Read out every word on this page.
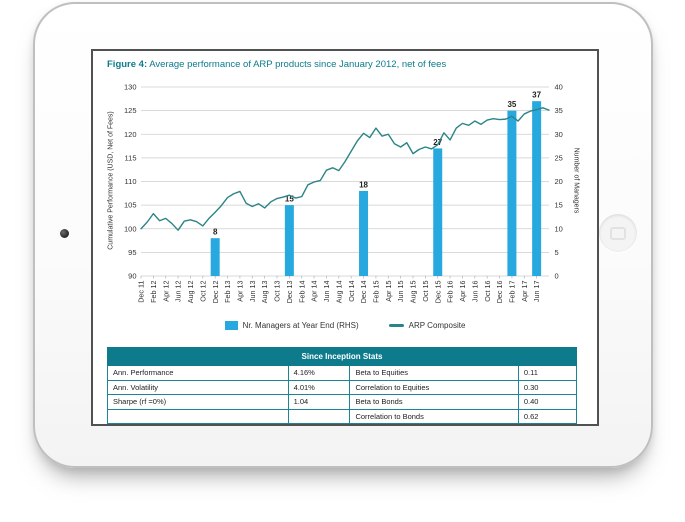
Figure 4: Average performance of ARP products since January 2012, net of fees
130	40
125	35
120	30
115	25
110	20
105	15
100	10
95	5
90	0
Dec 11 Feb 12 Apr 12 Jun 12 Aug 12 Oct 12 Dec 12 Feb 13 Apr 13 Jun 13 Aug 13 Oct 13 Dec 13 Feb 14 Apr 14 Jun 14 Aug 14 Oct 14 Dec 14 Feb 15 Apr 15 Jun 15 Aug 15 Oct 15 Dec 15 Feb 16 Apr 16 Jun 16 Oct 16 Dec 16 Feb 17 Apr 17 Jun 17
8
15
18
27
35
37
Cumulative Performance (USD, Net of Fees)	Number of Managers
Nr. Managers at Year End (RHS)	ARP Composite
Since Inception Stats			
Ann. Performance	4.16%	Beta to Equities	0.11
Ann. Volatility	4.01%	Correlation to Equities	0.30
Sharpe (rf =0%)	1.04	Beta to Bonds	0.40
		Correlation to Bonds	0.62
